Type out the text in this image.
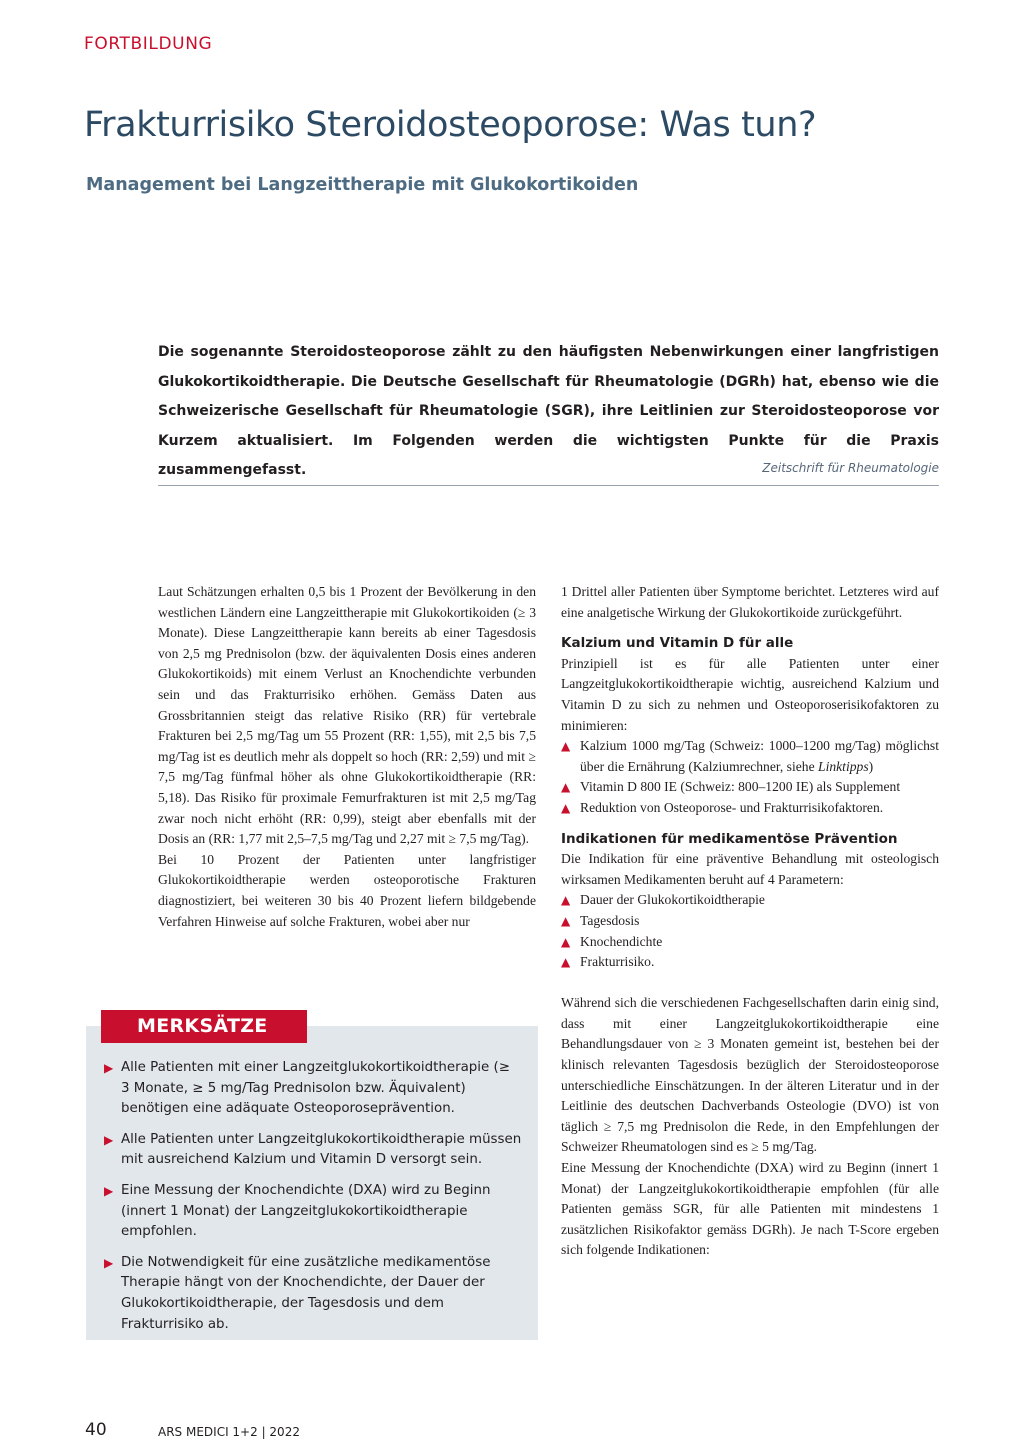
FORTBILDUNG
Frakturrisiko Steroidosteoporose: Was tun?
Management bei Langzeittherapie mit Glukokortikoiden

Die sogenannte Steroidosteoporose zählt zu den häufigsten Nebenwirkungen einer langfristigen Glukokortikoidtherapie. Die Deutsche Gesellschaft für Rheumatologie (DGRh) hat, ebenso wie die Schweizerische Gesellschaft für Rheumatologie (SGR), ihre Leitlinien zur Steroidosteoporose vor Kurzem aktualisiert. Im Folgenden werden die wichtigsten Punkte für die Praxis zusammengefasst.	Zeitschrift für Rheumatologie

Laut Schätzungen erhalten 0,5 bis 1 Prozent der Bevölkerung in den westlichen Ländern eine Langzeittherapie mit Glukokortikoiden (≥ 3 Monate). Diese Langzeittherapie kann bereits ab einer Tagesdosis von 2,5 mg Prednisolon (bzw. der äquivalenten Dosis eines anderen Glukokortikoids) mit einem Verlust an Knochendichte verbunden sein und das Frakturrisiko erhöhen. Gemäss Daten aus Grossbritannien steigt das relative Risiko (RR) für vertebrale Frakturen bei 2,5 mg/Tag um 55 Prozent (RR: 1,55), mit 2,5 bis 7,5 mg/Tag ist es deutlich mehr als doppelt so hoch (RR: 2,59) und mit ≥ 7,5 mg/Tag fünfmal höher als ohne Glukokortikoidtherapie (RR: 5,18). Das Risiko für proximale Femurfrakturen ist mit 2,5 mg/Tag zwar noch nicht erhöht (RR: 0,99), steigt aber ebenfalls mit der Dosis an (RR: 1,77 mit 2,5–7,5 mg/Tag und 2,27 mit ≥ 7,5 mg/Tag).

Bei 10 Prozent der Patienten unter langfristiger Glukokortikoidtherapie werden osteoporotische Frakturen diagnostiziert, bei weiteren 30 bis 40 Prozent liefern bildgebende Verfahren Hinweise auf solche Frakturen, wobei aber nur

▶ Alle Patienten mit einer Langzeitglukokortikoidtherapie (≥ 3 Monate, ≥ 5 mg/Tag Prednisolon bzw. Äquivalent) benötigen eine adäquate Osteoporoseprävention.
▶ Alle Patienten unter Langzeitglukokortikoidtherapie müssen mit ausreichend Kalzium und Vitamin D versorgt sein.
▶ Eine Messung der Knochendichte (DXA) wird zu Beginn (innert 1 Monat) der Langzeitglukokortikoidtherapie empfohlen.
▶ Die Notwendigkeit für eine zusätzliche medikamentöse Therapie hängt von der Knochendichte, der Dauer der Glukokortikoidtherapie, der Tagesdosis und dem Frakturrisiko ab.
MERKSÄTZE

1 Drittel aller Patienten über Symptome berichtet. Letzteres wird auf eine analgetische Wirkung der Glukokortikoide zurückgeführt.

Kalzium und Vitamin D für alle

Prinzipiell ist es für alle Patienten unter einer Langzeitglukokortikoidtherapie wichtig, ausreichend Kalzium und Vitamin D zu sich zu nehmen und Osteoporoserisikofaktoren zu minimieren:

▲ Kalzium 1000 mg/Tag (Schweiz: 1000–1200 mg/Tag) möglichst über die Ernährung (Kalziumrechner, siehe Linktipps)
▲ Vitamin D 800 IE (Schweiz: 800–1200 IE) als Supplement
▲ Reduktion von Osteoporose- und Frakturrisikofaktoren.
Indikationen für medikamentöse Prävention

Die Indikation für eine präventive Behandlung mit osteologisch wirksamen Medikamenten beruht auf 4 Parametern:

▲ Dauer der Glukokortikoidtherapie
▲ Tagesdosis
▲ Knochendichte
▲ Frakturrisiko.

Während sich die verschiedenen Fachgesellschaften darin einig sind, dass mit einer Langzeitglukokortikoidtherapie eine Behandlungsdauer von ≥ 3 Monaten gemeint ist, bestehen bei der klinisch relevanten Tagesdosis bezüglich der Steroidosteoporose unterschiedliche Einschätzungen. In der älteren Literatur und in der Leitlinie des deutschen Dachverbands Osteologie (DVO) ist von täglich ≥ 7,5 mg Prednisolon die Rede, in den Empfehlungen der Schweizer Rheumatologen sind es ≥ 5 mg/Tag.

Eine Messung der Knochendichte (DXA) wird zu Beginn (innert 1 Monat) der Langzeitglukokortikoidtherapie empfohlen (für alle Patienten gemäss SGR, für alle Patienten mit mindestens 1 zusätzlichen Risikofaktor gemäss DGRh). Je nach T-Score ergeben sich folgende Indikationen:

40	ARS MEDICI 1+2 | 2022
